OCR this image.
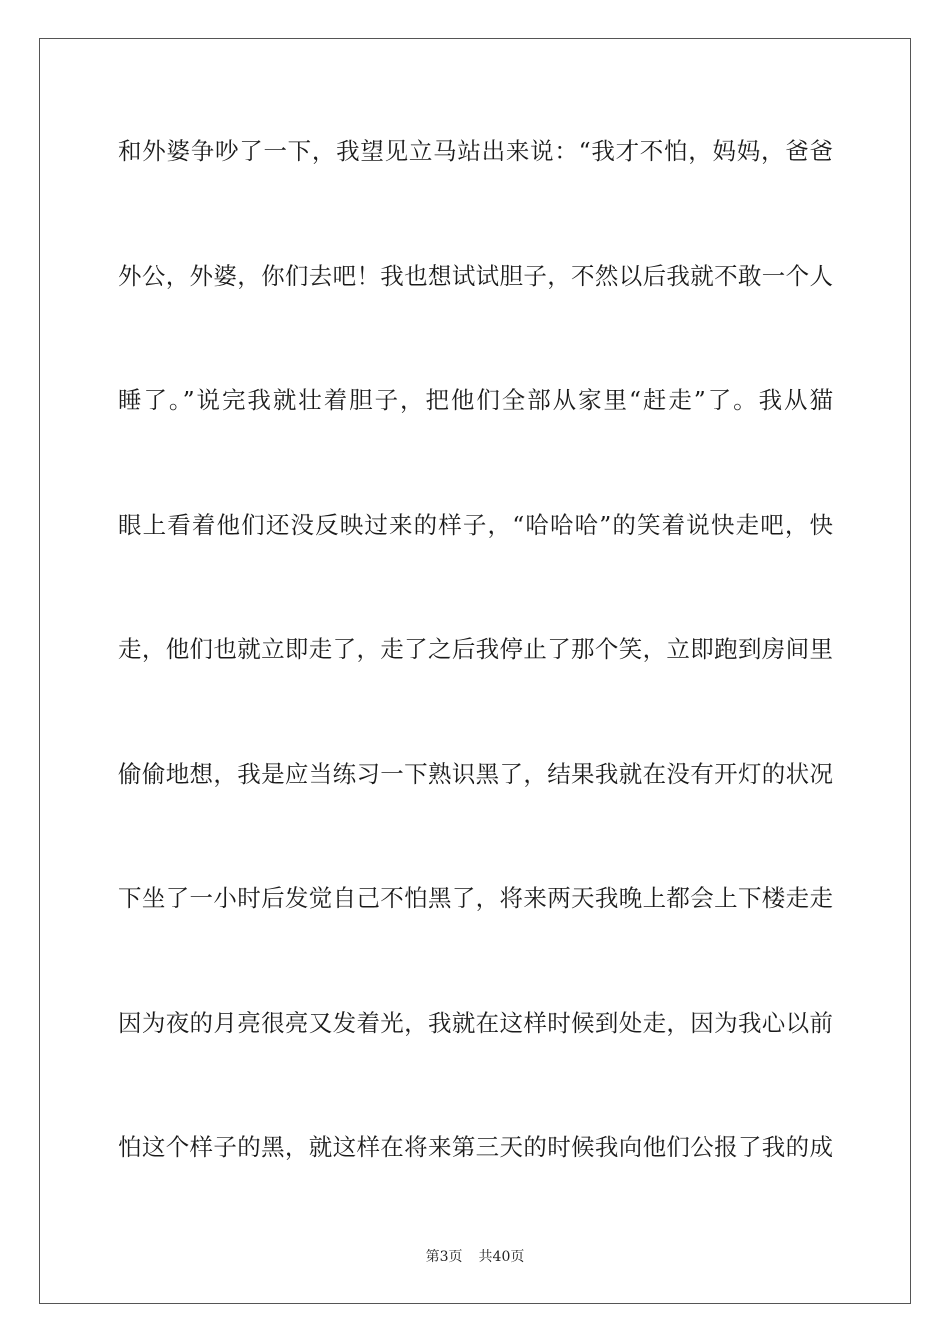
和外婆争吵了一下，我望见立马站出来说：“我才不怕，妈妈，爸爸
外公，外婆，你们去吧！我也想试试胆子，不然以后我就不敢一个人
睡了。”说完我就壮着胆子，把他们全部从家里“赶走”了。我从猫
眼上看着他们还没反映过来的样子，“哈哈哈”的笑着说快走吧，快
走，他们也就立即走了，走了之后我停止了那个笑，立即跑到房间里
偷偷地想，我是应当练习一下熟识黑了，结果我就在没有开灯的状况
下坐了一小时后发觉自己不怕黑了，将来两天我晚上都会上下楼走走
因为夜的月亮很亮又发着光，我就在这样时候到处走，因为我心以前
怕这个样子的黑，就这样在将来第三天的时候我向他们公报了我的成
第3页 共40页
